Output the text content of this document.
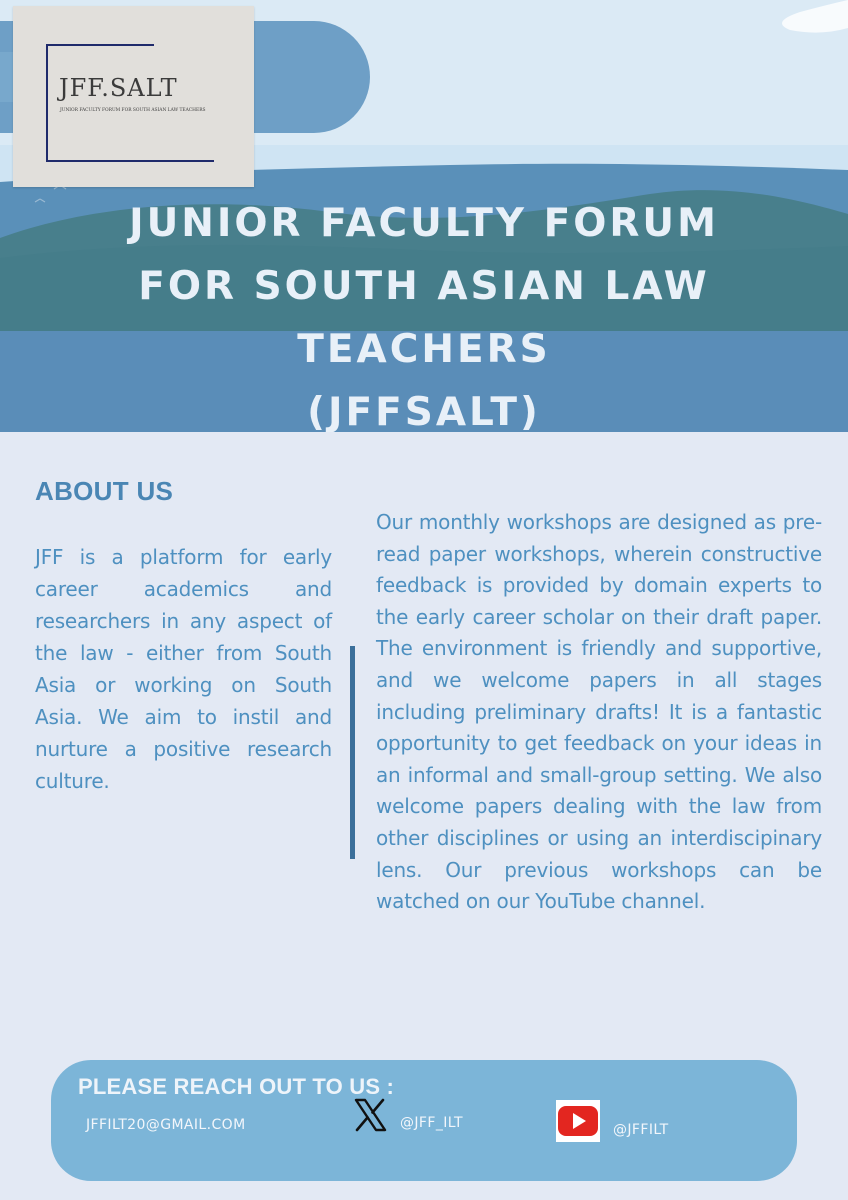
JFF.SALT

JUNIOR FACULTY FORUM FOR SOUTH ASIAN LAW TEACHERS

JUNIOR FACULTY FORUM
FOR SOUTH ASIAN LAW
TEACHERS
(JFFSALT)
ABOUT US

JFF is a platform for early career academics and researchers in any aspect of the law - either from South Asia or working on South Asia. We aim to instil and nurture a positive research culture.

Our monthly workshops are designed as pre-read paper workshops, wherein constructive feedback is provided by domain experts to the early career scholar on their draft paper. The environment is friendly and supportive, and we welcome papers in all stages including preliminary drafts! It is a fantastic opportunity to get feedback on your ideas in an informal and small-group setting. We also welcome papers dealing with the law from other disciplines or using an interdiscipinary lens. Our previous workshops can be watched on our YouTube channel.

PLEASE REACH OUT TO US :

JFFILT20@GMAIL.COM	@JFF_ILT	@JFFILT
